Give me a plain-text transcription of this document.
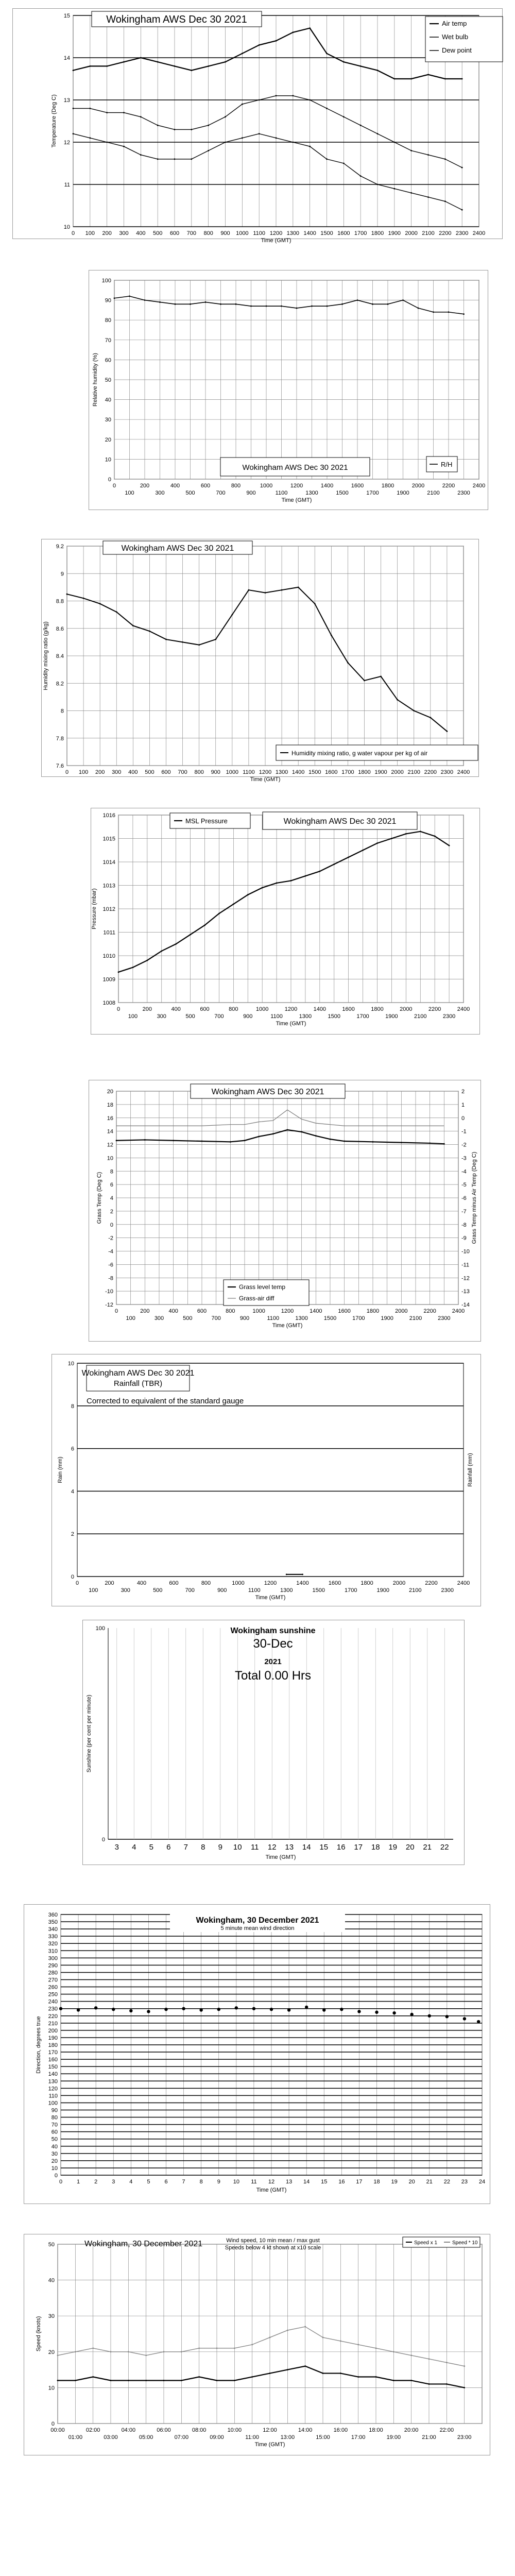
10
11
12
13
14
15
0 100 200 300 400 500 600 700 800 900 1000 1100 1200 1300 1400 1500 1600 1700 1800 1900 2000 2100 2200 2300 2400
Time (GMT)
Temperature (Deg C)
Wokingham AWS Dec 30 2021	Air temp
Wet bulb
Dew point
0
10
20
30
40
50
60
70
80
90
100
0	200	400	600	800	1000	1200	1400	1600	1800	2000	2200	2400
100	300	500	700	900	1100	1300	1500	1700	1900	2100	2300
Time (GMT)
Relative humidity (%)
Wokingham AWS Dec 30 2021	R/H
7.6
7.8
8
8.2
8.4
8.6
8.8
9
9.2
0 100 200 300 400 500 600 700 800 900 1000 1100 1200 1300 1400 1500 1600 1700 1800 1900 2000 2100 2200 2300 2400
Time (GMT)
Humidity mixing ratio (g/kg)
Wokingham AWS Dec 30 2021
Humidity mixing ratio, g water vapour per kg of air
1008
1009
1010
1011
1012
1013
1014
1015
1016
0	200	400	600	800	1000	1200	1400	1600	1800	2000	2200	2400
100	300	500	700	900	1100	1300	1500	1700	1900	2100	2300
Time (GMT)
Pressure (mbar)
MSL Pressure	Wokingham AWS Dec 30 2021
-12
-10
-8
-6
-4
-2
0
2
4
6
8
10
12
14
16
18
20
-14
-13
-12
-11
-10
-9
-8
-7
-6
-5
-4
-3
-2
-1
0
1
2
0	200	400	600	800	1000	1200	1400	1600	1800	2000	2200	2400
100	300	500	700	900	1100	1300	1500	1700	1900	2100	2300
Time (GMT)
Grass Temp (Deg C)	Grass Temp minus Air Temp (Deg C)
Wokingham AWS Dec 30 2021
Grass level temp
Grass-air diff
0
2
4
6
8
10
0	200	400	600	800	1000	1200	1400	1600	1800	2000	2200	2400
100	300	500	700	900	1100	1300	1500	1700	1900	2100	2300
Time (GMT)
Rain (mm)	Rainfall (mm)
Wokingham AWS Dec 30 2021
Rainfall (TBR)
Corrected to equivalent of the standard gauge
3 4 5 6 7 8 9 10 11 12 13 14 15 16 17 18 19 20 21 22
0
100
Time (GMT)
Sunshine (per cent per minute)
Wokingham sunshine
30-Dec
2021
Total 0.00 Hrs
0
10
20
30
40
50
60
70
80
90
100
110
120
130
140
150
160
170
180
190
200
210
220
230
240
250
260
270
280
290
300
310
320
330
340
350
360
0	1	2	3	4	5	6	7	8	9 10 11 12 13 14 15 16 17 18 19 20 21 22 23 24
Time (GMT)
Direction, degrees true
Wokingham, 30 December 2021
5 minute mean wind direction
0
10
20
30
40
50
00:00	02:00	04:00	06:00	08:00	10:00	12:00	14:00	16:00	18:00	20:00	22:00
01:00	03:00	05:00	07:00	09:00	11:00	13:00	15:00	17:00	19:00	21:00	23:00
Time (GMT)
Speed (knots)
Wokingham, 30 December 2021	Wind speed, 10 min mean / max gust
Speeds below 4 kt shown at x10 scale
Speed x 1	Speed * 10
